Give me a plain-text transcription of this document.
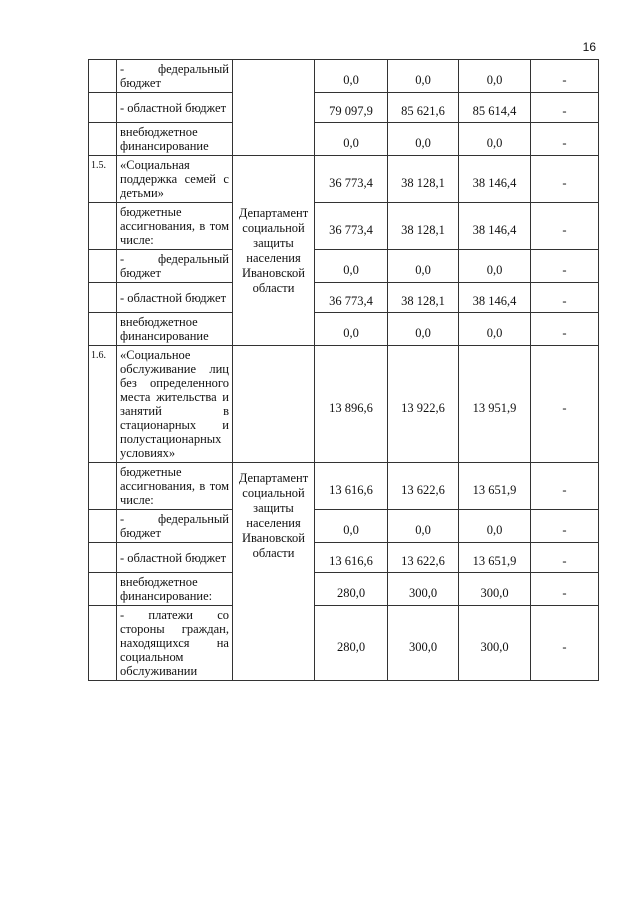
16
	- федеральный бюджет		0,0	0,0	0,0	-
	- областной бюджет		79 097,9	85 621,6	85 614,4	-
	внебюджетное финансирование		0,0	0,0	0,0	-
1.5.	«Социальная поддержка семей с детьми»	Департамент социальной защиты населения Ивановской области	36 773,4	38 128,1	38 146,4	-
	бюджетные ассигнования, в том числе:		36 773,4	38 128,1	38 146,4	-
	- федеральный бюджет		0,0	0,0	0,0	-
	- областной бюджет		36 773,4	38 128,1	38 146,4	-
	внебюджетное финансирование		0,0	0,0	0,0	-
1.6.	«Социальное обслуживание лиц без определенного места жительства и занятий в стационарных и полустационарных условиях»		13 896,6	13 922,6	13 951,9	-
	бюджетные ассигнования, в том числе:	Департамент социальной защиты населения Ивановской области	13 616,6	13 622,6	13 651,9	-
	- федеральный бюджет		0,0	0,0	0,0	-
	- областной бюджет		13 616,6	13 622,6	13 651,9	-
	внебюджетное финансирование:		280,0	300,0	300,0	-
	- платежи со стороны граждан, находящихся на социальном обслуживании		280,0	300,0	300,0	-
